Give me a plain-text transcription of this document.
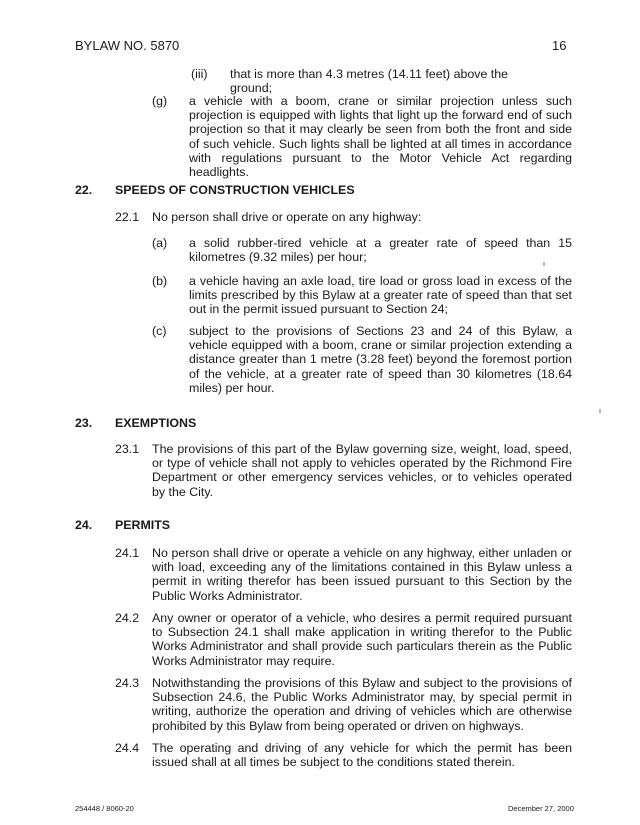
BYLAW NO. 5870	16
(iii) that is more than 4.3 metres (14.11 feet) above the ground;
(g) a vehicle with a boom, crane or similar projection unless such projection is equipped with lights that light up the forward end of such projection so that it may clearly be seen from both the front and side of such vehicle. Such lights shall be lighted at all times in accordance with regulations pursuant to the Motor Vehicle Act regarding headlights.
22. SPEEDS OF CONSTRUCTION VEHICLES
22.1 No person shall drive or operate on any highway:
(a) a solid rubber-tired vehicle at a greater rate of speed than 15 kilometres (9.32 miles) per hour;
(b) a vehicle having an axle load, tire load or gross load in excess of the limits prescribed by this Bylaw at a greater rate of speed than that set out in the permit issued pursuant to Section 24;
(c) subject to the provisions of Sections 23 and 24 of this Bylaw, a vehicle equipped with a boom, crane or similar projection extending a distance greater than 1 metre (3.28 feet) beyond the foremost portion of the vehicle, at a greater rate of speed than 30 kilometres (18.64 miles) per hour.
23. EXEMPTIONS
23.1 The provisions of this part of the Bylaw governing size, weight, load, speed, or type of vehicle shall not apply to vehicles operated by the Richmond Fire Department or other emergency services vehicles, or to vehicles operated by the City.
24. PERMITS
24.1 No person shall drive or operate a vehicle on any highway, either unladen or with load, exceeding any of the limitations contained in this Bylaw unless a permit in writing therefor has been issued pursuant to this Section by the Public Works Administrator.
24.2 Any owner or operator of a vehicle, who desires a permit required pursuant to Subsection 24.1 shall make application in writing therefor to the Public Works Administrator and shall provide such particulars therein as the Public Works Administrator may require.
24.3 Notwithstanding the provisions of this Bylaw and subject to the provisions of Subsection 24.6, the Public Works Administrator may, by special permit in writing, authorize the operation and driving of vehicles which are otherwise prohibited by this Bylaw from being operated or driven on highways.
24.4 The operating and driving of any vehicle for which the permit has been issued shall at all times be subject to the conditions stated therein.
254448 / 8060-20	December 27, 2000
